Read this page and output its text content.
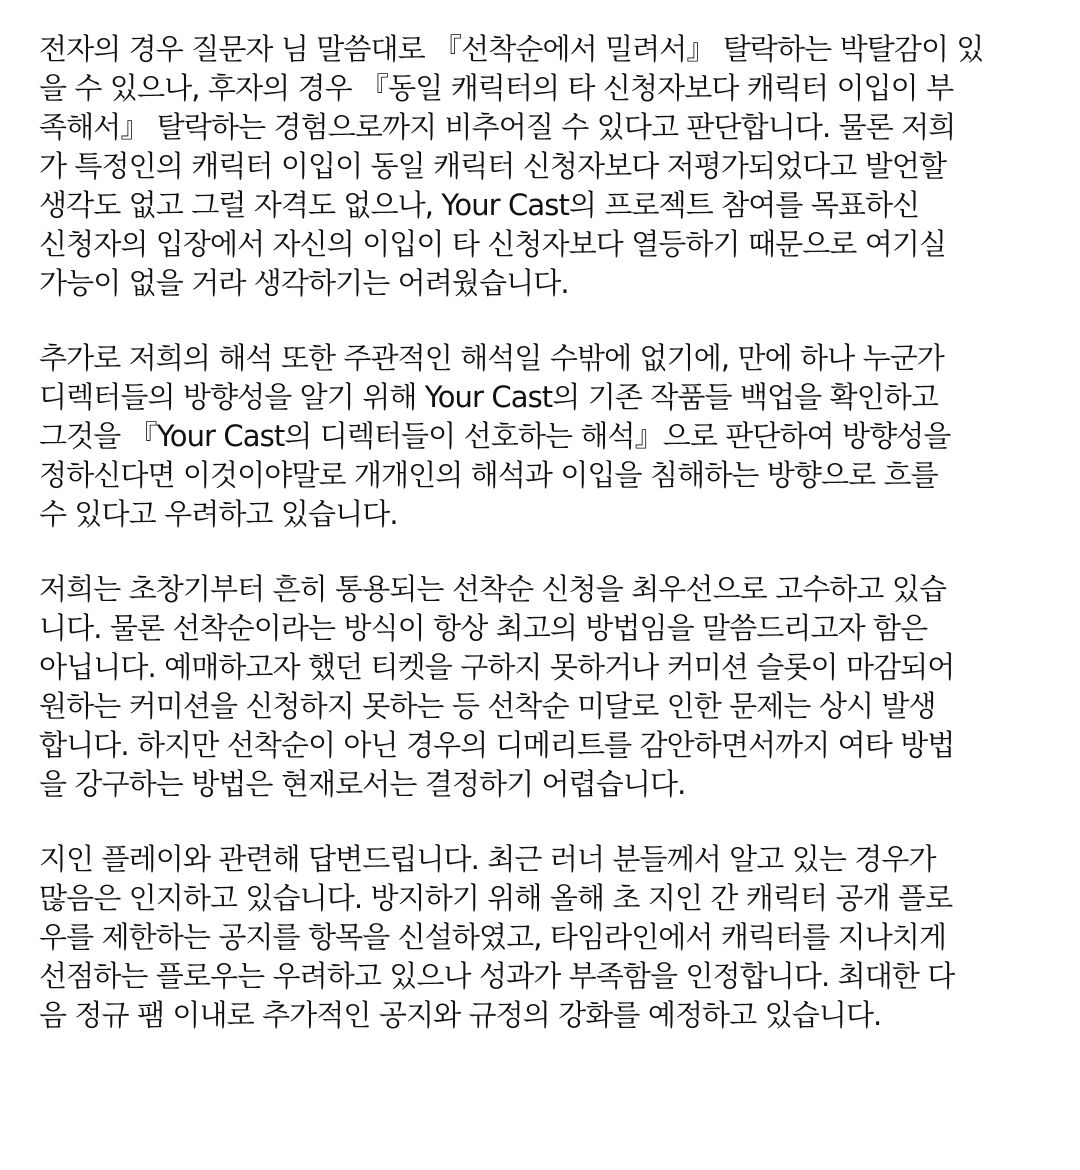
전자의 경우 질문자 님 말씀대로 『선착순에서 밀려서』 탈락하는 박탈감이 있
을 수 있으나, 후자의 경우 『동일 캐릭터의 타 신청자보다 캐릭터 이입이 부
족해서』 탈락하는 경험으로까지 비추어질 수 있다고 판단합니다. 물론 저희
가 특정인의 캐릭터 이입이 동일 캐릭터 신청자보다 저평가되었다고 발언할
생각도 없고 그럴 자격도 없으나, Your Cast의 프로젝트 참여를 목표하신
신청자의 입장에서 자신의 이입이 타 신청자보다 열등하기 때문으로 여기실
가능이 없을 거라 생각하기는 어려웠습니다.
추가로 저희의 해석 또한 주관적인 해석일 수밖에 없기에, 만에 하나 누군가
디렉터들의 방향성을 알기 위해 Your Cast의 기존 작품들 백업을 확인하고
그것을 『Your Cast의 디렉터들이 선호하는 해석』으로 판단하여 방향성을
정하신다면 이것이야말로 개개인의 해석과 이입을 침해하는 방향으로 흐를
수 있다고 우려하고 있습니다.
저희는 초창기부터 흔히 통용되는 선착순 신청을 최우선으로 고수하고 있습
니다. 물론 선착순이라는 방식이 항상 최고의 방법임을 말씀드리고자 함은
아닙니다. 예매하고자 했던 티켓을 구하지 못하거나 커미션 슬롯이 마감되어
원하는 커미션을 신청하지 못하는 등 선착순 미달로 인한 문제는 상시 발생
합니다. 하지만 선착순이 아닌 경우의 디메리트를 감안하면서까지 여타 방법
을 강구하는 방법은 현재로서는 결정하기 어렵습니다.
지인 플레이와 관련해 답변드립니다. 최근 러너 분들께서 알고 있는 경우가
많음은 인지하고 있습니다. 방지하기 위해 올해 초 지인 간 캐릭터 공개 플로
우를 제한하는 공지를 항목을 신설하였고, 타임라인에서 캐릭터를 지나치게
선점하는 플로우는 우려하고 있으나 성과가 부족함을 인정합니다. 최대한 다
음 정규 팸 이내로 추가적인 공지와 규정의 강화를 예정하고 있습니다.
